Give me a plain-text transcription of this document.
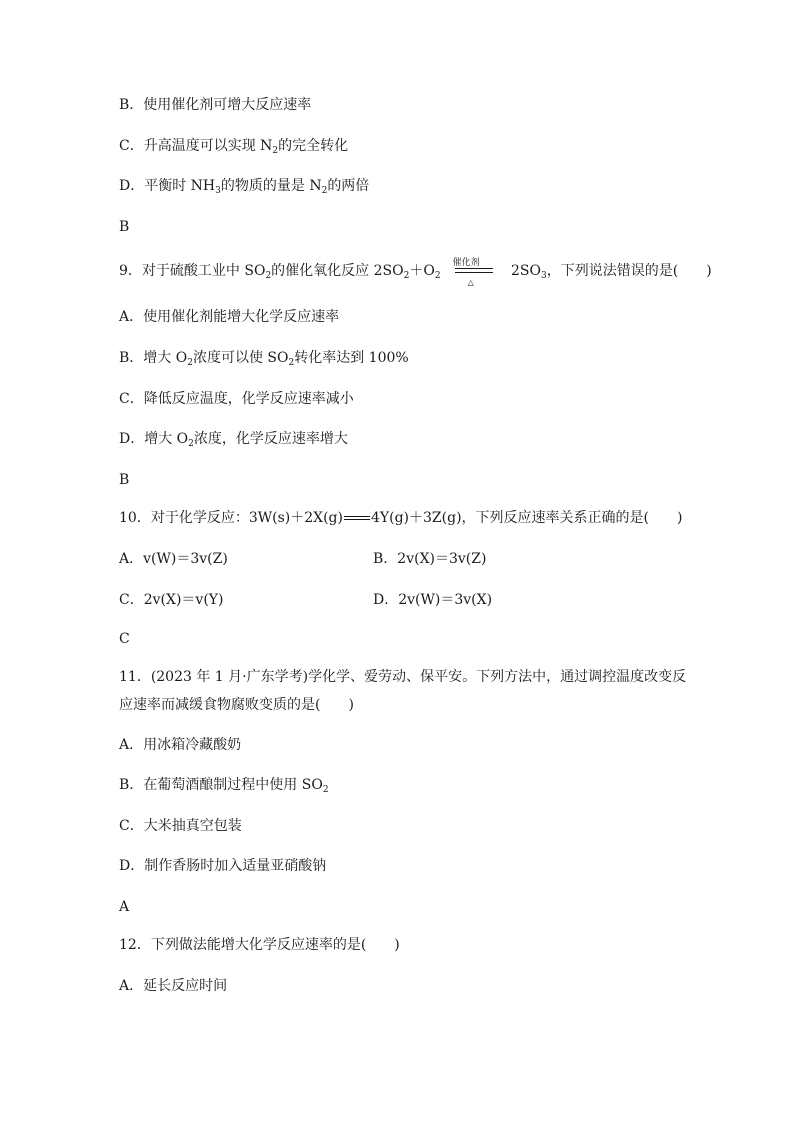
B．使用催化剂可增大反应速率
C．升高温度可以实现 $N_2$的完全转化
D．平衡时 $NH_3$的物质的量是 $N_2$的两倍
B
9．对于硫酸工业中 $SO_2$的催化氧化反应 $2SO_2+O_2$
催化剂
△
$2SO_3$，下列说法错误的是(　　)
A．使用催化剂能增大化学反应速率
B．增大 $O_2$浓度可以使 $SO_2$转化率达到 100%
C．降低反应温度，化学反应速率减小
D．增大 $O_2$浓度，化学反应速率增大
B
10．对于化学反应：3W(s)＋2X(g) 4Y(g)＋3Z(g)，下列反应速率关系正确的是(　　)
A．v(W)＝3v(Z)	B．2v(X)＝3v(Z)
C．2v(X)＝v(Y)	D．2v(W)＝3v(X)
C
11．(2023 年 1 月·广东学考)学化学、爱劳动、保平安。下列方法中，通过调控温度改变反
应速率而减缓食物腐败变质的是(　　)
A．用冰箱冷藏酸奶
B．在葡萄酒酿制过程中使用 $SO_2$
C．大米抽真空包装
D．制作香肠时加入适量亚硝酸钠
A
12．下列做法能增大化学反应速率的是(　　)
A．延长反应时间
